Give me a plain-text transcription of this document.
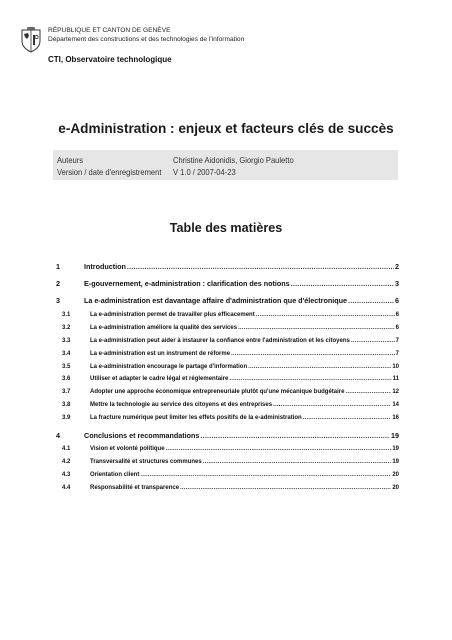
RÉPUBLIQUE ET CANTON DE GENÈVE
Département des constructions et des technologies de l'information
CTI, Observatoire technologique
e-Administration : enjeux et facteurs clés de succès
Auteurs	Christine Aidonidis, Giorgio Pauletto
Version / date d'enregistrement V 1.0 / 2007-04-23
Table des matières
1	Introduction .....	2
2	E-gouvernement, e-administration : clarification des notions .....	3
3	La e-administration est davantage affaire d'administration que d'électronique .....	6
3.1	La e-administration permet de travailler plus efficacement .....	6
3.2	La e-administration améliore la qualité des services .....	6
3.3	La e-administration peut aider à instaurer la confiance entre l'administration et les citoyens .....	7
3.4	La e-administration est un instrument de réforme .....	7
3.5	La e-administration encourage le partage d'information .....	10
3.6	Utiliser et adapter le cadre légal et réglementaire .....	11
3.7	Adopter une approche économique entrepreneuriale plutôt qu'une mécanique budgétaire .....	12
3.8	Mettre la technologie au service des citoyens et des entreprises .....	14
3.9	La fracture numérique peut limiter les effets positifs de la e-administration .....	16
4	Conclusions et recommandations .....	19
4.1	Vision et volonté politique .....	19
4.2	Transversalité et structures communes .....	19
4.3	Orientation client .....	20
4.4	Responsabilité et transparence .....	20
